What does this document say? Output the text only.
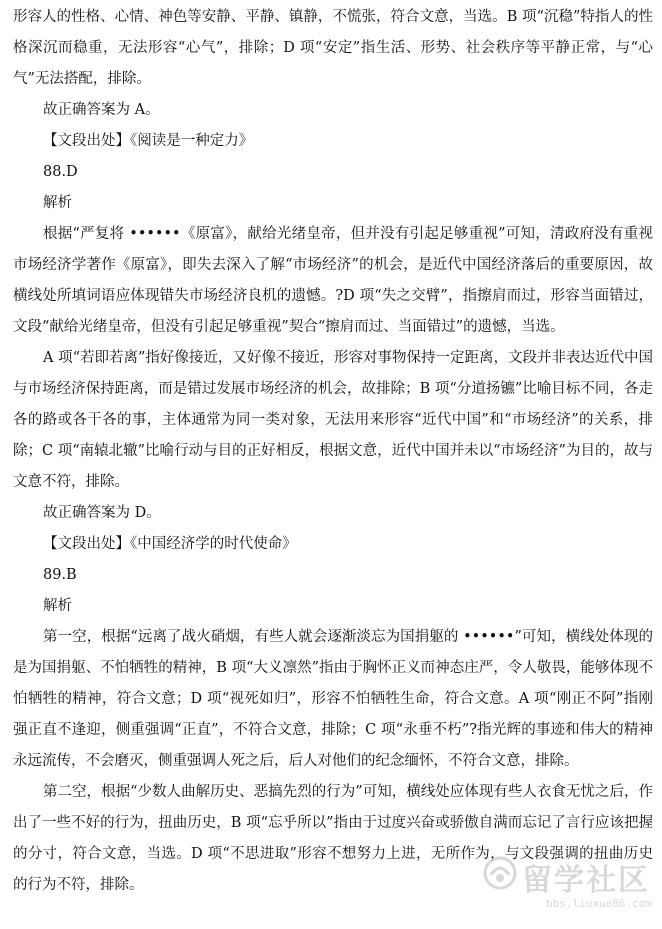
形容人的性格、心情、神色等安静、平静、镇静，不慌张，符合文意，当选。B 项“沉稳”特指人的性格深沉而稳重，无法形容“心气”，排除；D 项“安定”指生活、形势、社会秩序等平静正常，与“心气”无法搭配，排除。

故正确答案为 A。

【文段出处】《阅读是一种定力》

88.D

解析

根据“严复将 ••••••《原富》，献给光绪皇帝，但并没有引起足够重视”可知，清政府没有重视市场经济学著作《原富》，即失去深入了解“市场经济”的机会，是近代中国经济落后的重要原因，故横线处所填词语应体现错失市场经济良机的遗憾。?D 项“失之交臂”，指擦肩而过，形容当面错过，文段“献给光绪皇帝，但没有引起足够重视”契合“擦肩而过、当面错过”的遗憾，当选。

A 项“若即若离”指好像接近，又好像不接近，形容对事物保持一定距离，文段并非表达近代中国与市场经济保持距离，而是错过发展市场经济的机会，故排除；B 项“分道扬镳”比喻目标不同，各走各的路或各干各的事，主体通常为同一类对象，无法用来形容“近代中国”和“市场经济”的关系，排除；C 项“南辕北辙”比喻行动与目的正好相反，根据文意，近代中国并未以“市场经济”为目的，故与文意不符，排除。

故正确答案为 D。

【文段出处】《中国经济学的时代使命》

89.B

解析

第一空，根据“远离了战火硝烟，有些人就会逐渐淡忘为国捐躯的 ••••••”可知，横线处体现的是为国捐躯、不怕牺牲的精神，B 项“大义凛然”指由于胸怀正义而神态庄严，令人敬畏，能够体现不怕牺牲的精神，符合文意；D 项“视死如归”，形容不怕牺牲生命，符合文意。A 项“刚正不阿”指刚强正直不逢迎，侧重强调“正直”，不符合文意，排除；C 项“永垂不朽”?指光辉的事迹和伟大的精神永远流传，不会磨灭，侧重强调人死之后，后人对他们的纪念缅怀，不符合文意，排除。

第二空，根据“少数人曲解历史、恶搞先烈的行为”可知，横线处应体现有些人衣食无忧之后，作出了一些不好的行为，扭曲历史，B 项“忘乎所以”指由于过度兴奋或骄傲自满而忘记了言行应该把握的分寸，符合文意，当选。D 项“不思进取”形容不想努力上进，无所作为，与文段强调的扭曲历史的行为不符，排除。	留学社区
bbs.liuxue86.com
